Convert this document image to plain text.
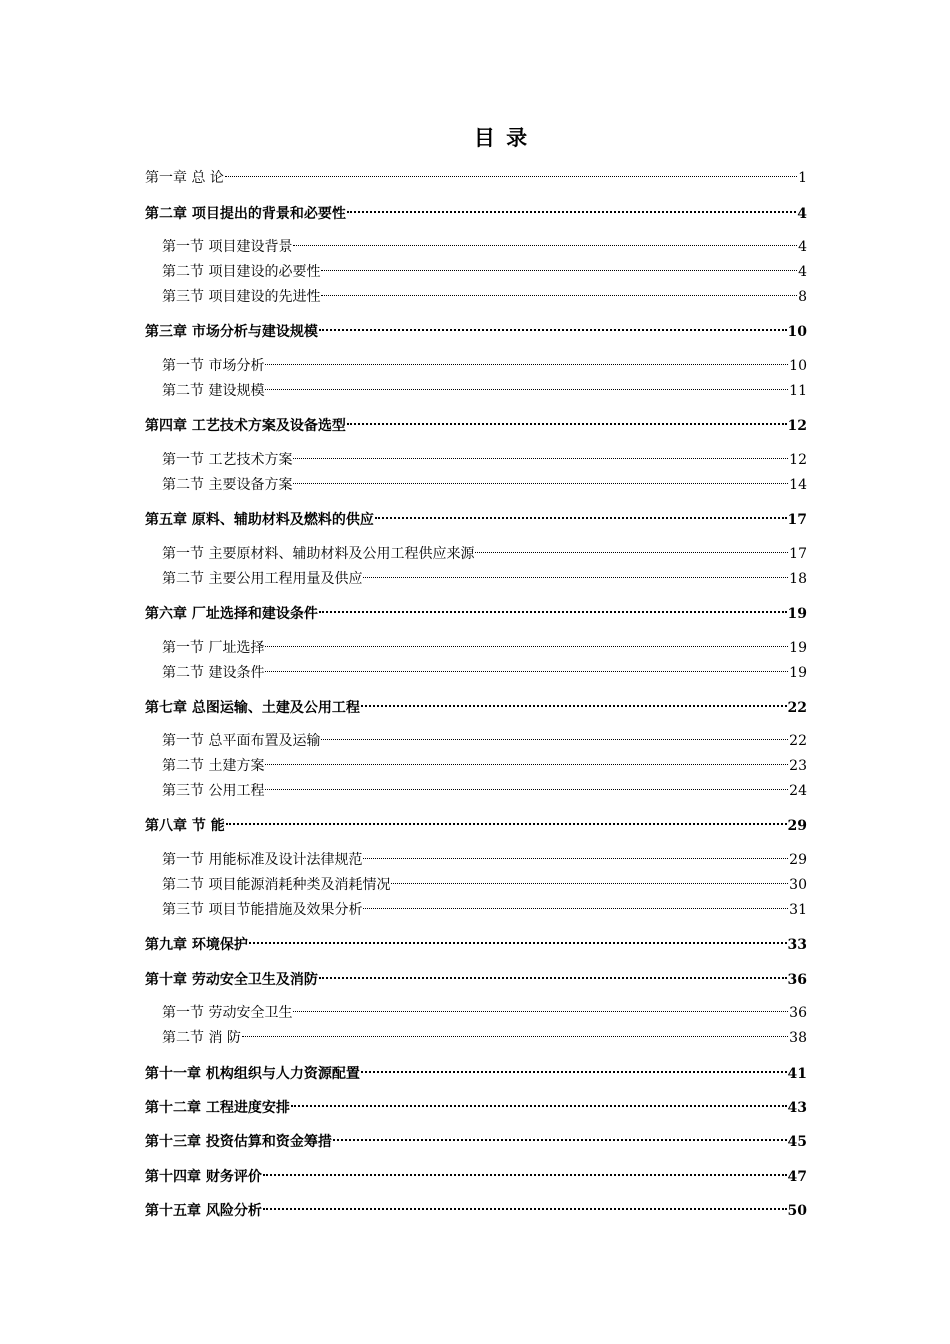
目 录
第一章 总 论	1
第二章 项目提出的背景和必要性	4
第一节 项目建设背景	4
第二节 项目建设的必要性	4
第三节 项目建设的先进性	8
第三章 市场分析与建设规模	10
第一节 市场分析	10
第二节 建设规模	11
第四章 工艺技术方案及设备选型	12
第一节 工艺技术方案	12
第二节 主要设备方案	14
第五章 原料、辅助材料及燃料的供应	17
第一节 主要原材料、辅助材料及公用工程供应来源	17
第二节 主要公用工程用量及供应	18
第六章 厂址选择和建设条件	19
第一节 厂址选择	19
第二节 建设条件	19
第七章 总图运输、土建及公用工程	22
第一节 总平面布置及运输	22
第二节 土建方案	23
第三节 公用工程	24
第八章 节 能	29
第一节 用能标准及设计法律规范	29
第二节 项目能源消耗种类及消耗情况	30
第三节 项目节能措施及效果分析	31
第九章 环境保护	33
第十章 劳动安全卫生及消防	36
第一节 劳动安全卫生	36
第二节 消 防	38
第十一章 机构组织与人力资源配置	41
第十二章 工程进度安排	43
第十三章 投资估算和资金筹措	45
第十四章 财务评价	47
第十五章 风险分析	50
